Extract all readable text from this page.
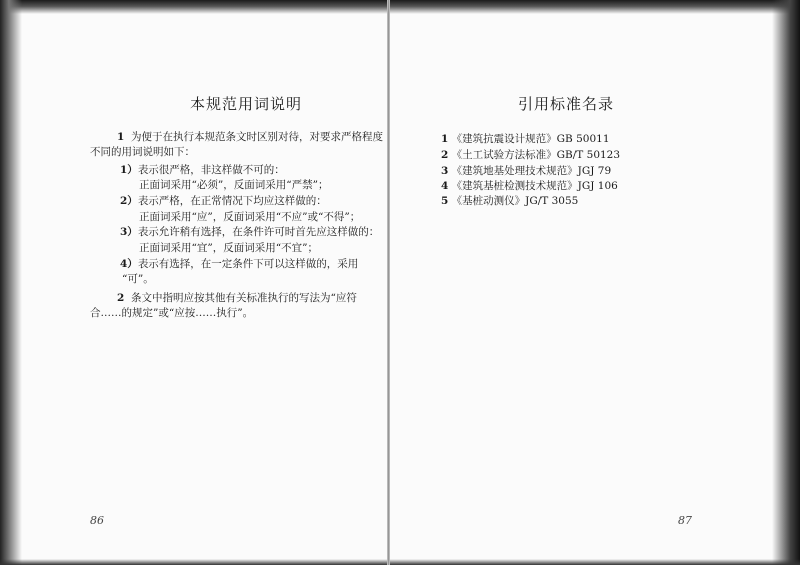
本规范用词说明
1 为便于在执行本规范条文时区别对待，对要求严格程度
不同的用词说明如下：
1）表示很严格，非这样做不可的：
正面词采用“必须”，反面词采用“严禁”；
2）表示严格，在正常情况下均应这样做的：
正面词采用“应”，反面词采用“不应”或“不得”；
3）表示允许稍有选择，在条件许可时首先应这样做的：
正面词采用“宜”，反面词采用“不宜”；
4）表示有选择，在一定条件下可以这样做的，采用
“可”。
2 条文中指明应按其他有关标准执行的写法为“应符
合……的规定”或“应按……执行”。
86
引用标准名录
1 《建筑抗震设计规范》GB 50011
2 《土工试验方法标准》GB/T 50123
3 《建筑地基处理技术规范》JGJ 79
4 《建筑基桩检测技术规范》JGJ 106
5 《基桩动测仪》JG/T 3055
87
